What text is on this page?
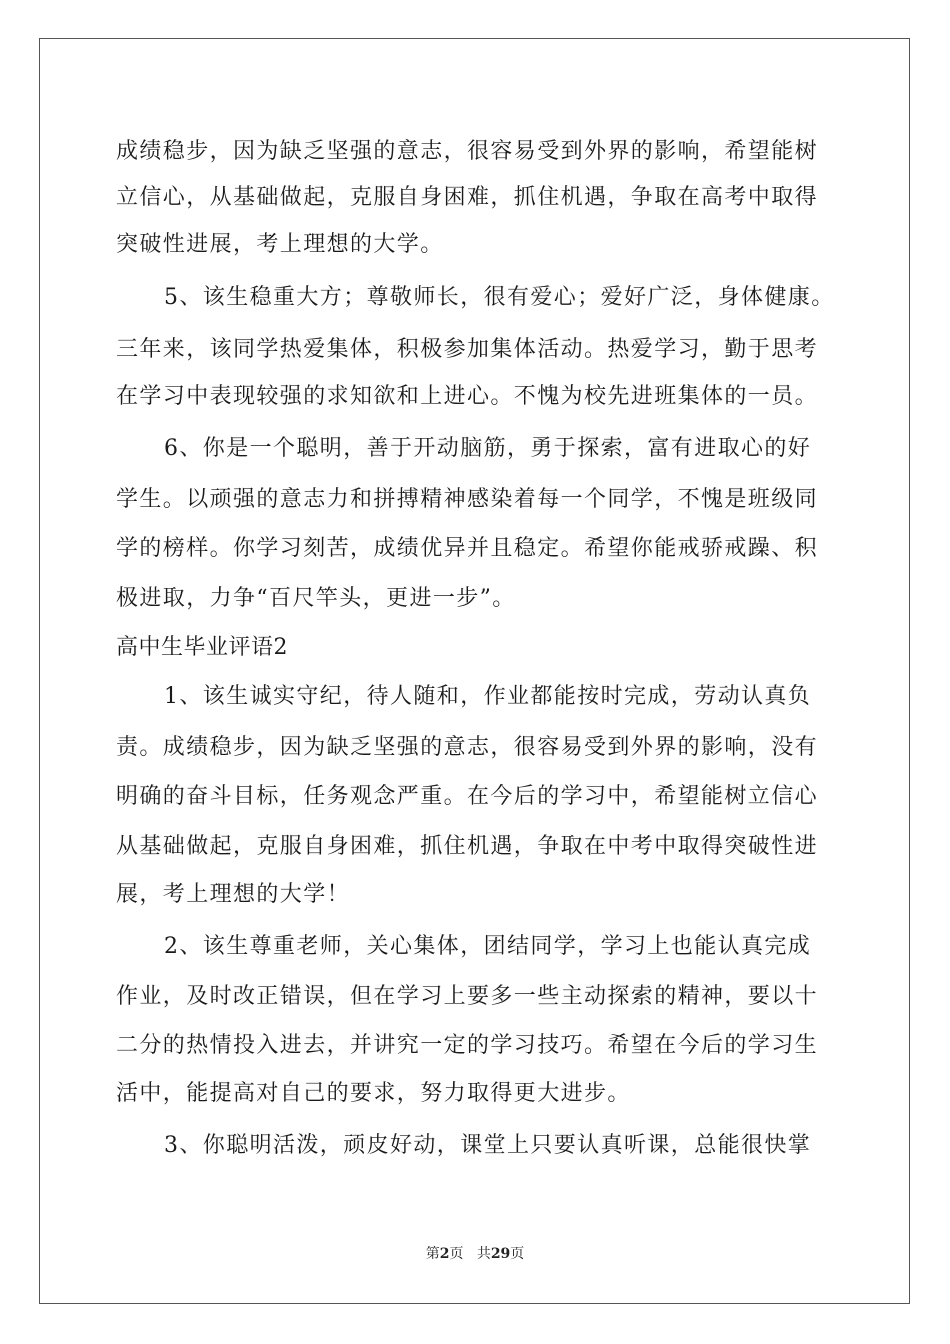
成绩稳步，因为缺乏坚强的意志，很容易受到外界的影响，希望能树
立信心，从基础做起，克服自身困难，抓住机遇，争取在高考中取得
突破性进展，考上理想的大学。
5、该生稳重大方；尊敬师长，很有爱心；爱好广泛，身体健康。
三年来，该同学热爱集体，积极参加集体活动。热爱学习，勤于思考
在学习中表现较强的求知欲和上进心。不愧为校先进班集体的一员。
6、你是一个聪明，善于开动脑筋，勇于探索，富有进取心的好
学生。以顽强的意志力和拼搏精神感染着每一个同学，不愧是班级同
学的榜样。你学习刻苦，成绩优异并且稳定。希望你能戒骄戒躁、积
极进取，力争“百尺竿头，更进一步”。
高中生毕业评语2
1、该生诚实守纪，待人随和，作业都能按时完成，劳动认真负
责。成绩稳步，因为缺乏坚强的意志，很容易受到外界的影响，没有
明确的奋斗目标，任务观念严重。在今后的学习中，希望能树立信心
从基础做起，克服自身困难，抓住机遇，争取在中考中取得突破性进
展，考上理想的大学！
2、该生尊重老师，关心集体，团结同学，学习上也能认真完成
作业，及时改正错误，但在学习上要多一些主动探索的精神，要以十
二分的热情投入进去，并讲究一定的学习技巧。希望在今后的学习生
活中，能提高对自己的要求，努力取得更大进步。
3、你聪明活泼，顽皮好动，课堂上只要认真听课，总能很快掌
第2页 共29页
